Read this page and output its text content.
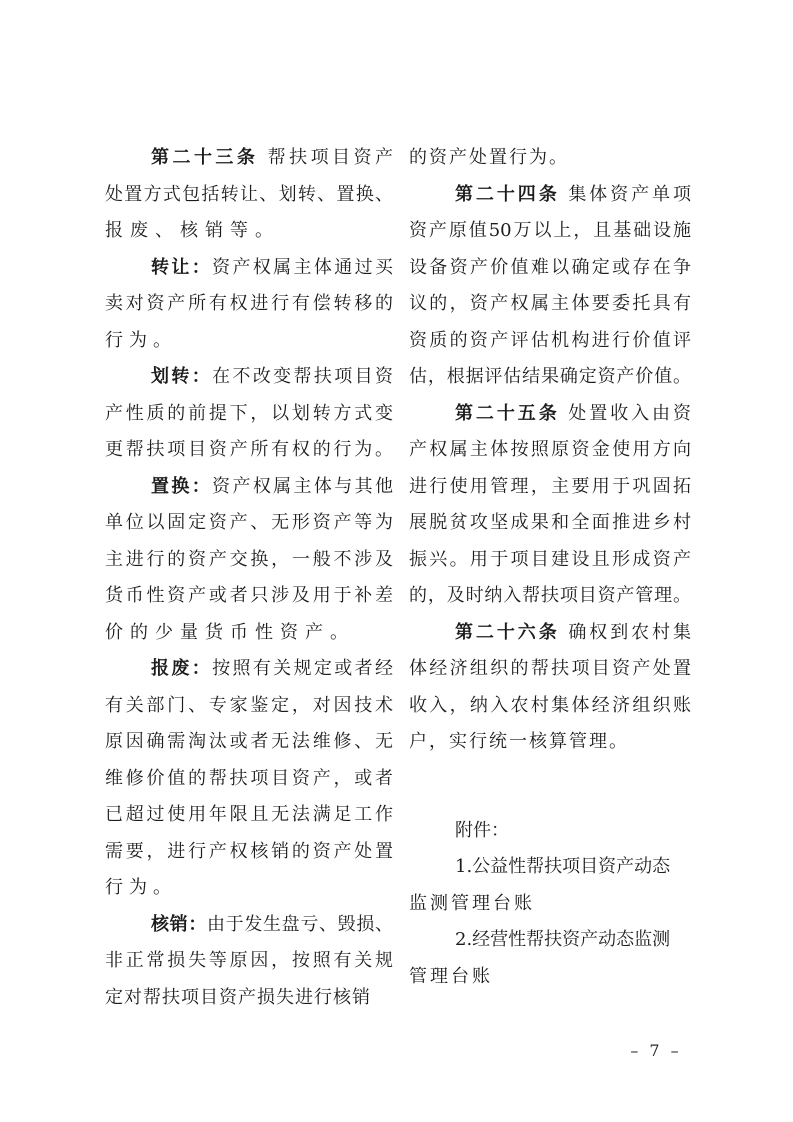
第二十三条 帮扶项目资产
处置方式包括转让、划转、置换、
报废、核销等。
转让：资产权属主体通过买
卖对资产所有权进行有偿转移的
行为。
划转：在不改变帮扶项目资
产性质的前提下，以划转方式变
更帮扶项目资产所有权的行为。
置换：资产权属主体与其他
单位以固定资产、无形资产等为
主进行的资产交换，一般不涉及
货币性资产或者只涉及用于补差
价的少量货币性资产。
报废：按照有关规定或者经
有关部门、专家鉴定，对因技术
原因确需淘汰或者无法维修、无
维修价值的帮扶项目资产，或者
已超过使用年限且无法满足工作
需要，进行产权核销的资产处置
行为。
核销：由于发生盘亏、毁损、
非正常损失等原因，按照有关规
定对帮扶项目资产损失进行核销
的资产处置行为。
第二十四条 集体资产单项
资产原值50万以上，且基础设施
设备资产价值难以确定或存在争
议的，资产权属主体要委托具有
资质的资产评估机构进行价值评
估，根据评估结果确定资产价值。
第二十五条 处置收入由资
产权属主体按照原资金使用方向
进行使用管理，主要用于巩固拓
展脱贫攻坚成果和全面推进乡村
振兴。用于项目建设且形成资产
的，及时纳入帮扶项目资产管理。
第二十六条 确权到农村集
体经济组织的帮扶项目资产处置
收入，纳入农村集体经济组织账
户，实行统一核算管理。
附件：
1.公益性帮扶项目资产动态
监测管理台账
2.经营性帮扶资产动态监测
管理台账
– 7 –
